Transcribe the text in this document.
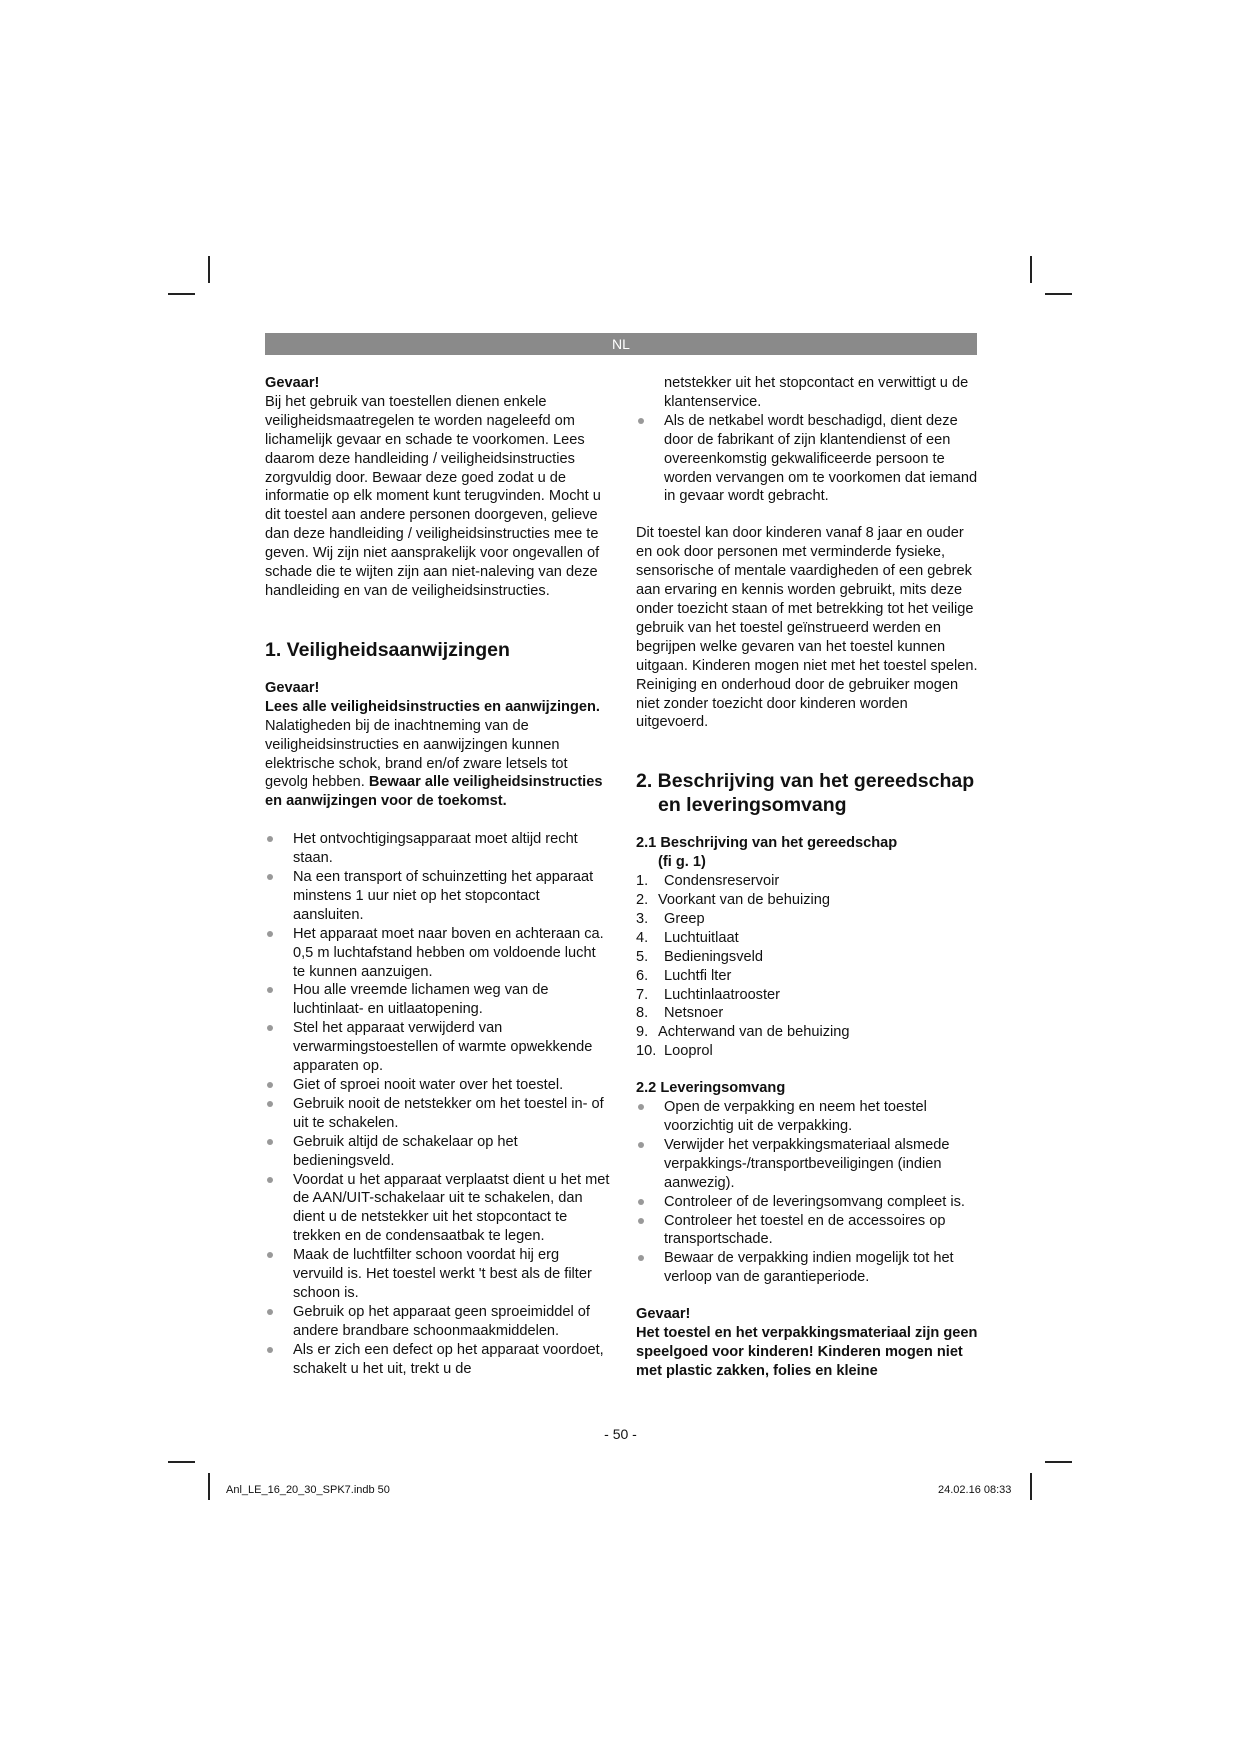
NL

Gevaar!

Bij het gebruik van toestellen dienen enkele veiligheidsmaatregelen te worden nageleefd om lichamelijk gevaar en schade te voorkomen. Lees daarom deze handleiding / veiligheidsinstructies zorgvuldig door. Bewaar deze goed zodat u de informatie op elk moment kunt terugvinden. Mocht u dit toestel aan andere personen doorgeven, gelieve dan deze handleiding / veiligheidsinstructies mee te geven. Wij zijn niet aansprakelijk voor ongevallen of schade die te wijten zijn aan niet-naleving van deze handleiding en van de veiligheidsinstructies.

1. Veiligheidsaanwijzingen

Gevaar!

Lees alle veiligheidsinstructies en aanwijzingen. Nalatigheden bij de inachtneming van de veiligheidsinstructies en aanwijzingen kunnen elektrische schok, brand en/of zware letsels tot gevolg hebben. Bewaar alle veiligheidsinstructies en aanwijzingen voor de toekomst.

Het ontvochtigingsapparaat moet altijd recht staan.
Na een transport of schuinzetting het apparaat minstens 1 uur niet op het stopcontact aansluiten.
Het apparaat moet naar boven en achteraan ca. 0,5 m luchtafstand hebben om voldoende lucht te kunnen aanzuigen.
Hou alle vreemde lichamen weg van de luchtinlaat- en uitlaatopening.
Stel het apparaat verwijderd van verwarmingstoestellen of warmte opwekkende apparaten op.
Giet of sproei nooit water over het toestel.
Gebruik nooit de netstekker om het toestel in- of uit te schakelen.
Gebruik altijd de schakelaar op het bedieningsveld.
Voordat u het apparaat verplaatst dient u het met de AAN/UIT-schakelaar uit te schakelen, dan dient u de netstekker uit het stopcontact te trekken en de condensaatbak te legen.
Maak de luchtfilter schoon voordat hij erg vervuild is. Het toestel werkt 't best als de filter schoon is.
Gebruik op het apparaat geen sproeimiddel of andere brandbare schoonmaakmiddelen.
Als er zich een defect op het apparaat voordoet, schakelt u het uit, trekt u de

netstekker uit het stopcontact en verwittigt u de klantenservice.

Als de netkabel wordt beschadigd, dient deze door de fabrikant of zijn klantendienst of een overeenkomstig gekwalificeerde persoon te worden vervangen om te voorkomen dat iemand in gevaar wordt gebracht.

Dit toestel kan door kinderen vanaf 8 jaar en ouder en ook door personen met verminderde fysieke, sensorische of mentale vaardigheden of een gebrek aan ervaring en kennis worden gebruikt, mits deze onder toezicht staan of met betrekking tot het veilige gebruik van het toestel geïnstrueerd werden en begrijpen welke gevaren van het toestel kunnen uitgaan. Kinderen mogen niet met het toestel spelen. Reiniging en onderhoud door de gebruiker mogen niet zonder toezicht door kinderen worden uitgevoerd.

2. Beschrijving van het gereedschap
en leveringsomvang

2.1 Beschrijving van het gereedschap
(fi g. 1)

1.	Condensreservoir
2. Voorkant van de behuizing
3.	Greep
4.	Luchtuitlaat
5.	Bedieningsveld
6.	Luchtfi lter
7.	Luchtinlaatrooster
8.	Netsnoer
9. Achterwand van de behuizing
10. Looprol

2.2 Leveringsomvang

Open de verpakking en neem het toestel voorzichtig uit de verpakking.
Verwijder het verpakkingsmateriaal alsmede verpakkings-/transportbeveiligingen (indien aanwezig).
Controleer of de leveringsomvang compleet is.
Controleer het toestel en de accessoires op transportschade.
Bewaar de verpakking indien mogelijk tot het verloop van de garantieperiode.

Gevaar!

Het toestel en het verpakkingsmateriaal zijn geen speelgoed voor kinderen! Kinderen mogen niet met plastic zakken, folies en kleine

- 50 -
Anl_LE_16_20_30_SPK7.indb 50	24.02.16 08:33
